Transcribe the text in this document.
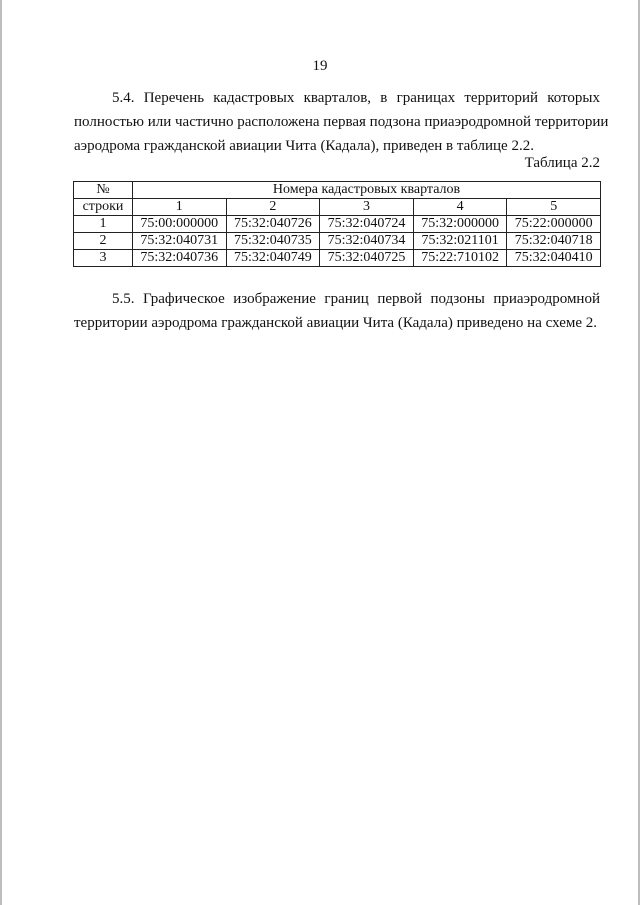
19
5.4. Перечень кадастровых кварталов, в границах территорий которых
полностью или частично расположена первая подзона приаэродромной территории
аэродрома гражданской авиации Чита (Кадала), приведен в таблице 2.2.
Таблица 2.2
№	Номера кадастровых кварталов				
строки	1	2	3	4	5
1	75:00:000000	75:32:040726	75:32:040724	75:32:000000	75:22:000000
2	75:32:040731	75:32:040735	75:32:040734	75:32:021101	75:32:040718
3	75:32:040736	75:32:040749	75:32:040725	75:22:710102	75:32:040410
5.5. Графическое изображение границ первой подзоны приаэродромной
территории аэродрома гражданской авиации Чита (Кадала) приведено на схеме 2.
